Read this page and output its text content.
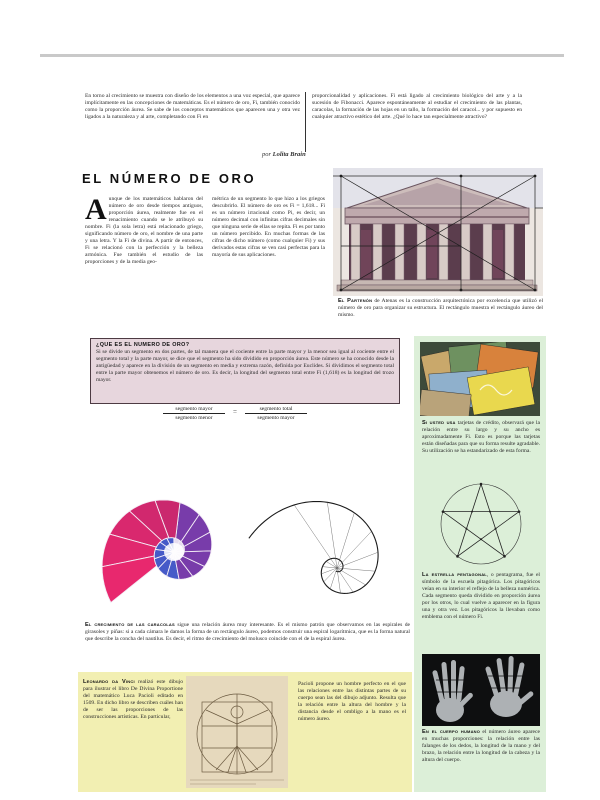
En torno al crecimiento se muestra con diseño de los elementos a una voz especial, que aparece implícitamente en las concepciones de matemáticas. Es el número de oro, Fi, también conocido como la proporción áurea. Se sabe de los conceptos matemáticos que aparecen una y otra vez ligados a la naturaleza y al arte, completando con Fi en
proporcionalidad y aplicaciones. Fi está ligado al crecimiento biológico del arte y a la sucesión de Fibonacci. Aparece espontáneamente al estudiar el crecimiento de las plantas, caracolas, la formación de las hojas en un tallo, la formación del caracol... y por supuesto en cualquier atractivo estético del arte. ¿Qué lo hace tan especialmente atractivo?
por Lolita Brain
EL NÚMERO DE ORO
Aunque de los matemáticos hablaron del número de oro desde tiempos antiguos, proporción áurea, realmente fue en el renacimiento cuando se le atribuyó su nombre. Fi (la sola letra) está relacionado griego, significando número de oro, el nombre de una parte y una letra. Y la Fi de divina. A partir de entonces, Fi se relacionó con la perfección y la belleza armónica. Fue también el estudio de las proporciones y de la media geo-
métrica de un segmento lo que hizo a los griegos descubrirlo. El número de oro es Fi = 1,618... Fi es un número irracional como Pi, es decir, un número decimal con infinitas cifras decimales sin que ninguna serie de ellas se repita. Fi es por tanto un número percibido. En muchas formas de las cifras de dicho número (como cualquier Fi) y sus derivados estas cifras se ven casi perfectas para la mayoría de sus aplicaciones.
El Partenón de Atenas es la construcción arquitectónica por excelencia que utilizó el número de oro para organizar su estructura. El rectángulo muestra el rectángulo áureo del mismo.
¿QUÉ ES EL NÚMERO DE ORO?
Si se divide un segmento en dos partes, de tal manera que el cociente entre la parte mayor y la menor sea igual al cociente entre el segmento total y la parte mayor, se dice que el segmento ha sido dividido en proporción áurea. Este número se ha conocido desde la antigüedad y aparece en la división de un segmento en media y extrema razón, definida por Euclides. Si dividimos el segmento total entre la parte mayor obtenemos el número de oro. Es decir, la longitud del segmento total entre Fi (1,618) es la longitud del trozo mayor.
segmento mayor
segmento menor
=	segmento total
segmento mayor
El crecimiento de las caracolas sigue una relación áurea muy interesante. Es el mismo patrón que observamos en las espirales de girasoles y piñas: si a cada cámara le damos la forma de un rectángulo áureo, podemos construir una espiral logarítmica, que es la forma natural que describe la concha del nautilus. Es decir, el ritmo de crecimiento del molusco coincide con el de la espiral áurea.
Si usted usa tarjetas de crédito, observará que la relación entre su largo y su ancho es aproximadamente Fi. Esto es porque las tarjetas están diseñadas para que su forma resulte agradable. Su utilización se ha estandarizado de esta forma.
La estrella pentagonal, o pentagrama, fue el símbolo de la escuela pitagórica. Los pitagóricos veían en su interior el reflejo de la belleza numérica. Cada segmento queda dividido en proporción áurea por los otros, lo cual vuelve a aparecer en la figura una y otra vez. Los pitagóricos la llevaban como emblema con el número Fi.
En el cuerpo humano el número áureo aparece en muchas proporciones: la relación entre las falanges de los dedos, la longitud de la mano y del brazo, la relación entre la longitud de la cabeza y la altura del cuerpo.
Leonardo da Vinci realizó este dibujo para ilustrar el libro De Divina Proportione del matemático Luca Pacioli editado en 1509. En dicho libro se describen cuáles han de ser las proporciones de las construcciones artísticas. En particular,
Pacioli propone un hombre perfecto en el que las relaciones entre las distintas partes de su cuerpo sean las del dibujo adjunto. Resulta que la relación entre la altura del hombre y la distancia desde el ombligo a la mano es el número áureo.
